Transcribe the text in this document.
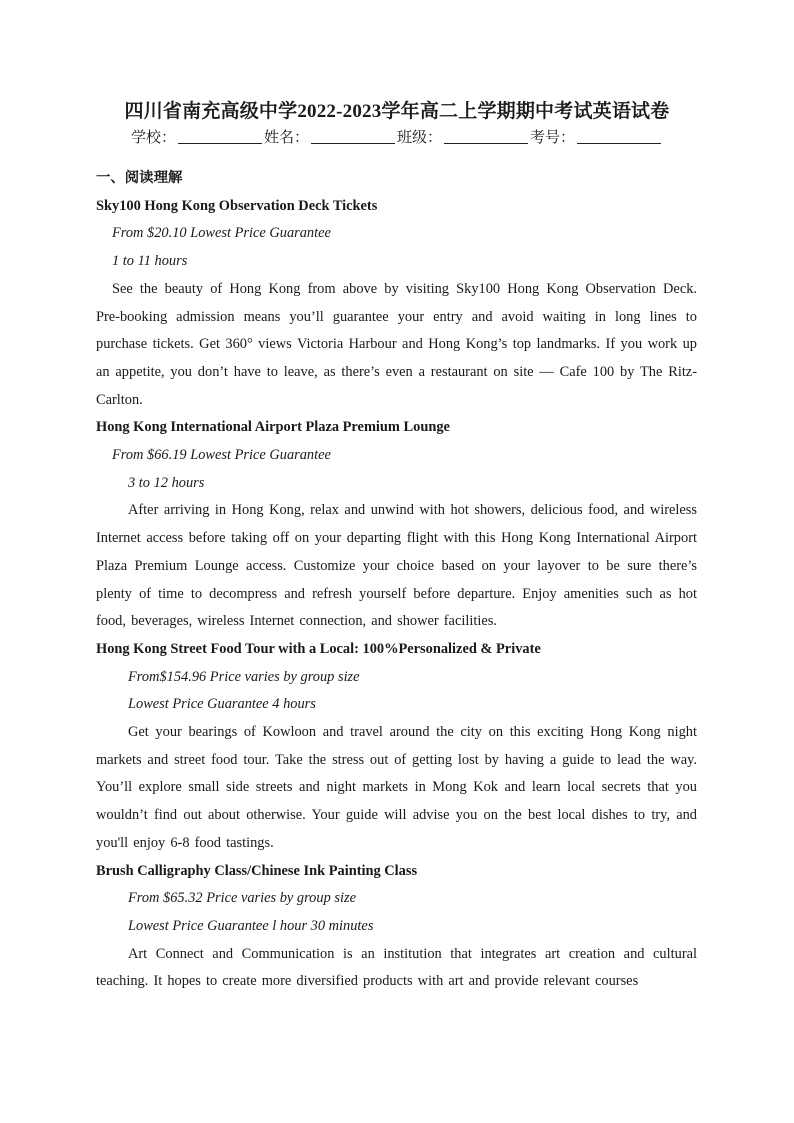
四川省南充高级中学2022-2023学年高二上学期期中考试英语试卷
学校：	姓名：	班级：	考号：

一、阅读理解

Sky100 Hong Kong Observation Deck Tickets

From $20.10 Lowest Price Guarantee

1 to 11 hours

See the beauty of Hong Kong from above by visiting Sky100 Hong Kong Observation Deck. Pre-booking admission means you’ll guarantee your entry and avoid waiting in long lines to purchase tickets. Get 360° views Victoria Harbour and Hong Kong’s top landmarks. If you work up an appetite, you don’t have to leave, as there’s even a restaurant on site — Cafe 100 by The Ritz-Carlton.

Hong Kong International Airport Plaza Premium Lounge

From $66.19 Lowest Price Guarantee

3 to 12 hours

After arriving in Hong Kong, relax and unwind with hot showers, delicious food, and wireless Internet access before taking off on your departing flight with this Hong Kong International Airport Plaza Premium Lounge access. Customize your choice based on your layover to be sure there’s plenty of time to decompress and refresh yourself before departure. Enjoy amenities such as hot food, beverages, wireless Internet connection, and shower facilities.

Hong Kong Street Food Tour with a Local: 100%Personalized & Private

From$154.96 Price varies by group size

Lowest Price Guarantee 4 hours

Get your bearings of Kowloon and travel around the city on this exciting Hong Kong night markets and street food tour. Take the stress out of getting lost by having a guide to lead the way. You’ll explore small side streets and night markets in Mong Kok and learn local secrets that you wouldn’t find out about otherwise. Your guide will advise you on the best local dishes to try, and you'll enjoy 6-8 food tastings.

Brush Calligraphy Class/Chinese Ink Painting Class

From $65.32 Price varies by group size

Lowest Price Guarantee l hour 30 minutes

Art Connect and Communication is an institution that integrates art creation and cultural teaching. It hopes to create more diversified products with art and provide relevant courses
